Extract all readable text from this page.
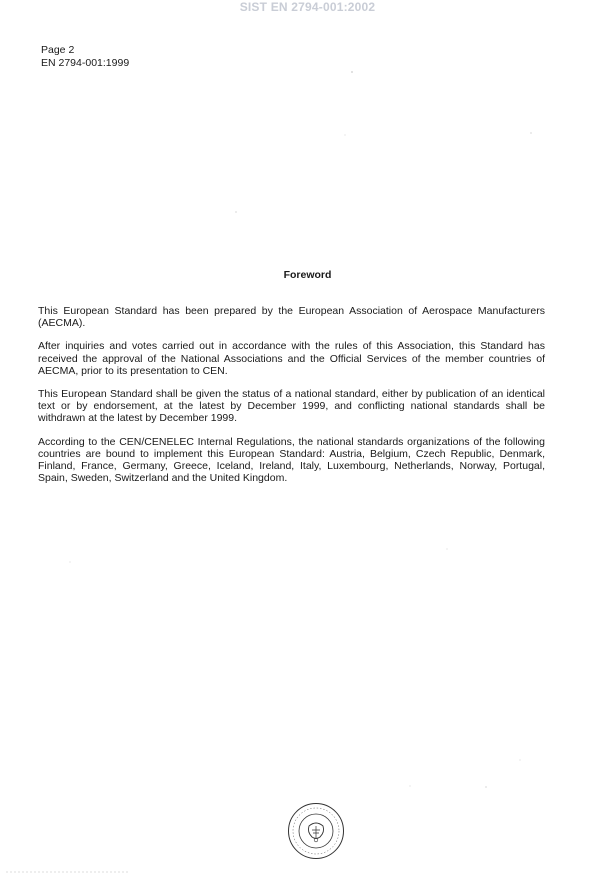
SIST EN 2794-001:2002
Page 2
EN 2794-001:1999
Foreword

This European Standard has been prepared by the European Association of Aerospace Manufacturers (AECMA).

After inquiries and votes carried out in accordance with the rules of this Association, this Standard has received the approval of the National Associations and the Official Services of the member countries of AECMA, prior to its presentation to CEN.

This European Standard shall be given the status of a national standard, either by publication of an identical text or by endorsement, at the latest by December 1999, and conflicting national standards shall be withdrawn at the latest by December 1999.

According to the CEN/CENELEC Internal Regulations, the national standards organizations of the following countries are bound to implement this European Standard: Austria, Belgium, Czech Republic, Denmark, Finland, France, Germany, Greece, Iceland, Ireland, Italy, Luxembourg, Netherlands, Norway, Portugal, Spain, Sweden, Switzerland and the United Kingdom.
